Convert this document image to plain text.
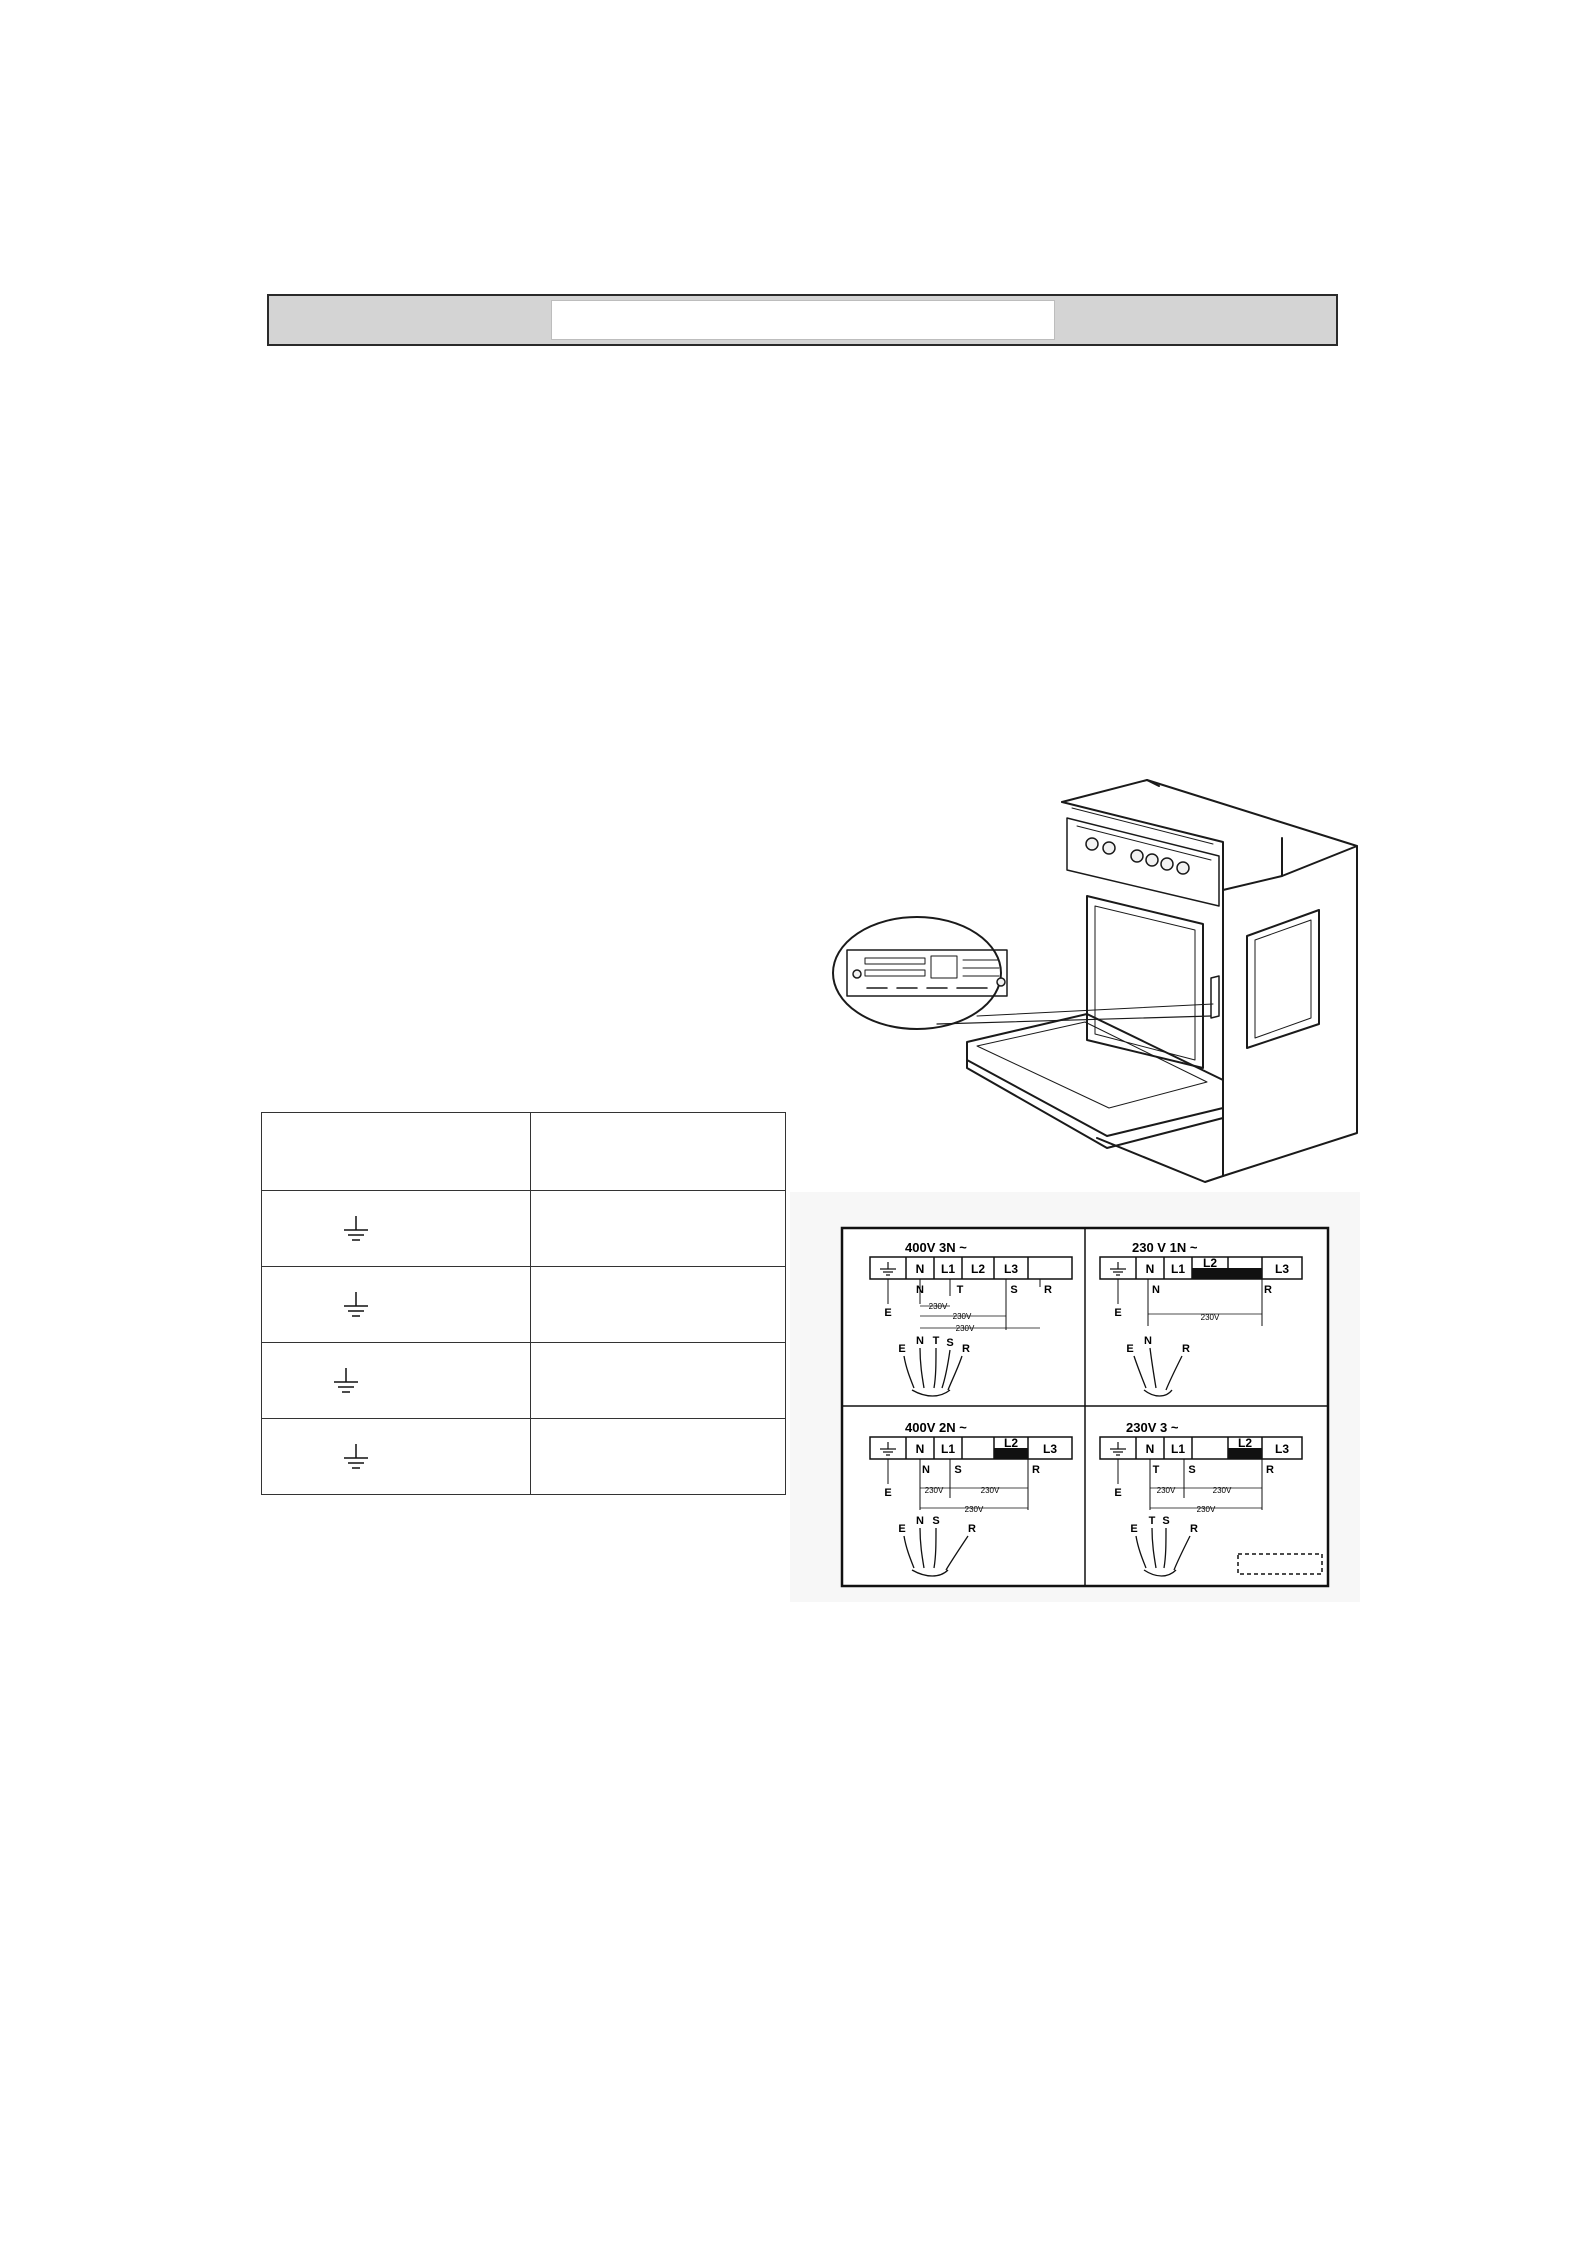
400V 3N ~
N L1 L2 L3
E
N	T	S R
230V
230V
230V
E
N T S R
230 V 1N ~
N L1 L2	L3
E
N	R
230V
E
N
R
400V 2N ~
N L1	L2 L3
E
N S	R
230V	230V
230V
E
N S
R
230V 3 ~
N L1	L2 L3
E
T	S	R
230V	230V
230V
E
T S
R
